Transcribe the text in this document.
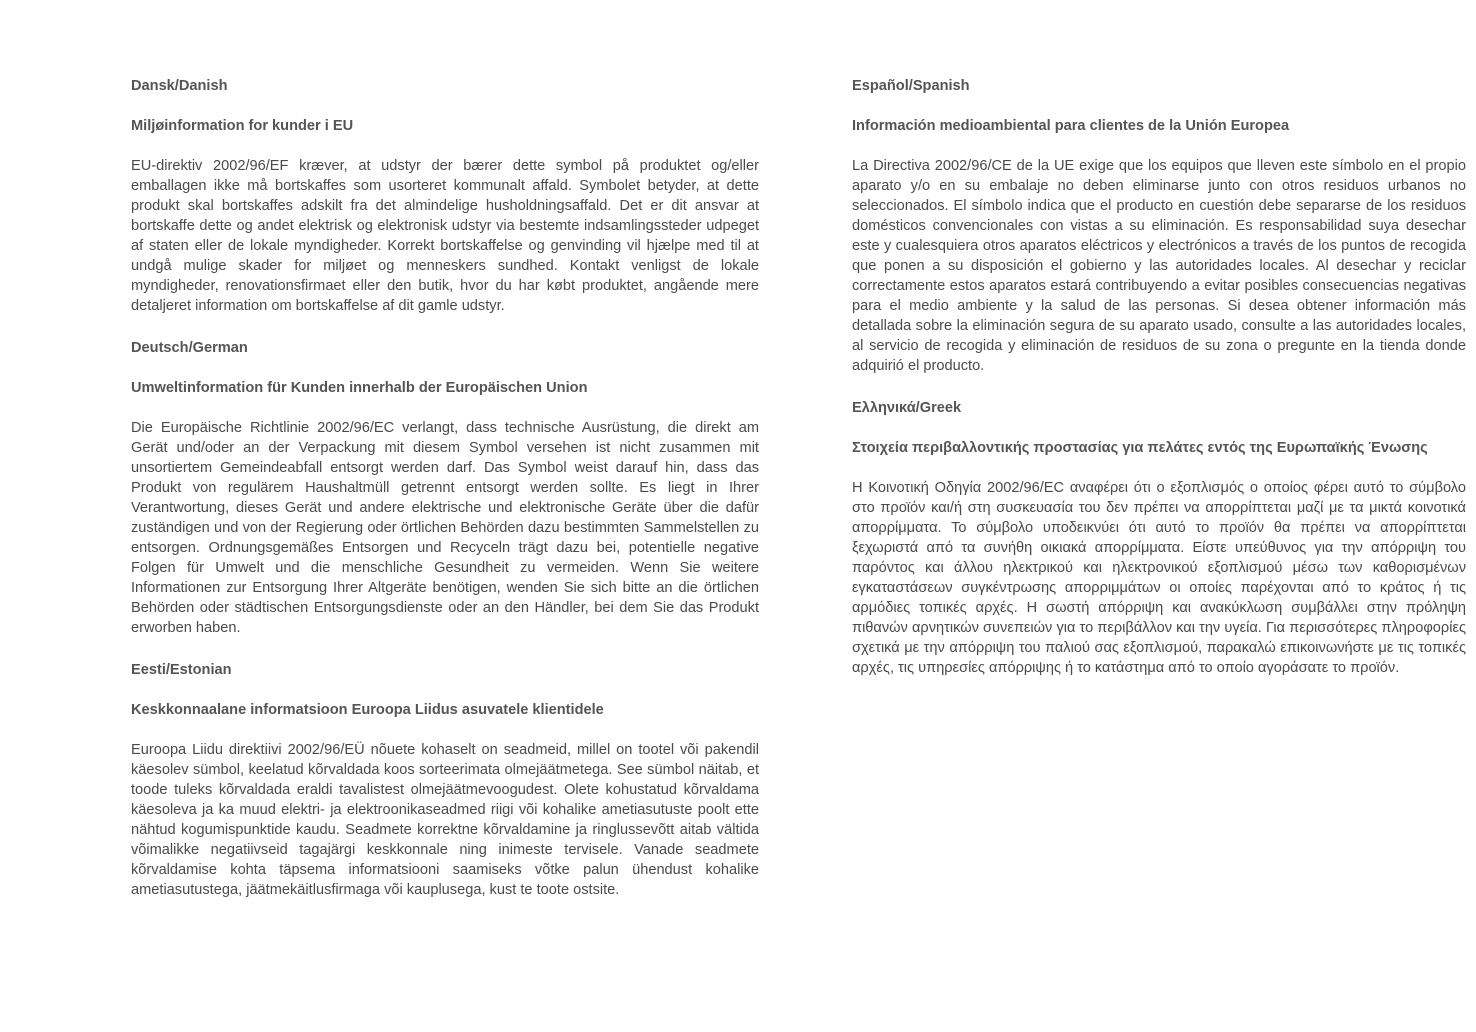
Dansk/Danish

Miljøinformation for kunder i EU

EU-direktiv 2002/96/EF kræver, at udstyr der bærer dette symbol på produktet og/eller emballagen ikke må bortskaffes som usorteret kommunalt affald. Symbolet betyder, at dette produkt skal bortskaffes adskilt fra det almindelige husholdningsaffald. Det er dit ansvar at bortskaffe dette og andet elektrisk og elektronisk udstyr via bestemte indsamlingssteder udpeget af staten eller de lokale myndigheder. Korrekt bortskaffelse og genvinding vil hjælpe med til at undgå mulige skader for miljøet og menneskers sundhed. Kontakt venligst de lokale myndigheder, renovationsfirmaet eller den butik, hvor du har købt produktet, angående mere detaljeret information om bortskaffelse af dit gamle udstyr.

Deutsch/German

Umweltinformation für Kunden innerhalb der Europäischen Union

Die Europäische Richtlinie 2002/96/EC verlangt, dass technische Ausrüstung, die direkt am Gerät und/oder an der Verpackung mit diesem Symbol versehen ist nicht zusammen mit unsortiertem Gemeindeabfall entsorgt werden darf. Das Symbol weist darauf hin, dass das Produkt von regulärem Haushaltmüll getrennt entsorgt werden sollte. Es liegt in Ihrer Verantwortung, dieses Gerät und andere elektrische und elektronische Geräte über die dafür zuständigen und von der Regierung oder örtlichen Behörden dazu bestimmten Sammelstellen zu entsorgen. Ordnungsgemäßes Entsorgen und Recyceln trägt dazu bei, potentielle negative Folgen für Umwelt und die menschliche Gesundheit zu vermeiden. Wenn Sie weitere Informationen zur Entsorgung Ihrer Altgeräte benötigen, wenden Sie sich bitte an die örtlichen Behörden oder städtischen Entsorgungsdienste oder an den Händler, bei dem Sie das Produkt erworben haben.

Eesti/Estonian

Keskkonnaalane informatsioon Euroopa Liidus asuvatele klientidele

Euroopa Liidu direktiivi 2002/96/EÜ nõuete kohaselt on seadmeid, millel on tootel või pakendil käesolev sümbol, keelatud kõrvaldada koos sorteerimata olmejäätmetega. See sümbol näitab, et toode tuleks kõrvaldada eraldi tavalistest olmejäätmevoogudest. Olete kohustatud kõrvaldama käesoleva ja ka muud elektri- ja elektroonikaseadmed riigi või kohalike ametiasutuste poolt ette nähtud kogumispunktide kaudu. Seadmete korrektne kõrvaldamine ja ringlussevõtt aitab vältida võimalikke negatiivseid tagajärgi keskkonnale ning inimeste tervisele. Vanade seadmete kõrvaldamise kohta täpsema informatsiooni saamiseks võtke palun ühendust kohalike ametiasutustega, jäätmekäitlusfirmaga või kauplusega, kust te toote ostsite.

Español/Spanish

Información medioambiental para clientes de la Unión Europea

La Directiva 2002/96/CE de la UE exige que los equipos que lleven este símbolo en el propio aparato y/o en su embalaje no deben eliminarse junto con otros residuos urbanos no seleccionados. El símbolo indica que el producto en cuestión debe separarse de los residuos domésticos convencionales con vistas a su eliminación. Es responsabilidad suya desechar este y cualesquiera otros aparatos eléctricos y electrónicos a través de los puntos de recogida que ponen a su disposición el gobierno y las autoridades locales. Al desechar y reciclar correctamente estos aparatos estará contribuyendo a evitar posibles consecuencias negativas para el medio ambiente y la salud de las personas. Si desea obtener información más detallada sobre la eliminación segura de su aparato usado, consulte a las autoridades locales, al servicio de recogida y eliminación de residuos de su zona o pregunte en la tienda donde adquirió el producto.

Ελληνικά/Greek

Στοιχεία περιβαλλοντικής προστασίας για πελάτες εντός της Ευρωπαϊκής Ένωσης

Η Κοινοτική Οδηγία 2002/96/EC αναφέρει ότι ο εξοπλισμός ο οποίος φέρει αυτό το σύμβολο στο προϊόν και/ή στη συσκευασία του δεν πρέπει να απορρίπτεται μαζί με τα μικτά κοινοτικά απορρίμματα. Το σύμβολο υποδεικνύει ότι αυτό το προϊόν θα πρέπει να απορρίπτεται ξεχωριστά από τα συνήθη οικιακά απορρίμματα. Είστε υπεύθυνος για την απόρριψη του παρόντος και άλλου ηλεκτρικού και ηλεκτρονικού εξοπλισμού μέσω των καθορισμένων εγκαταστάσεων συγκέντρωσης απορριμμάτων οι οποίες παρέχονται από το κράτος ή τις αρμόδιες τοπικές αρχές. Η σωστή απόρριψη και ανακύκλωση συμβάλλει στην πρόληψη πιθανών αρνητικών συνεπειών για το περιβάλλον και την υγεία. Για περισσότερες πληροφορίες σχετικά με την απόρριψη του παλιού σας εξοπλισμού, παρακαλώ επικοινωνήστε με τις τοπικές αρχές, τις υπηρεσίες απόρριψης ή το κατάστημα από το οποίο αγοράσατε το προϊόν.
